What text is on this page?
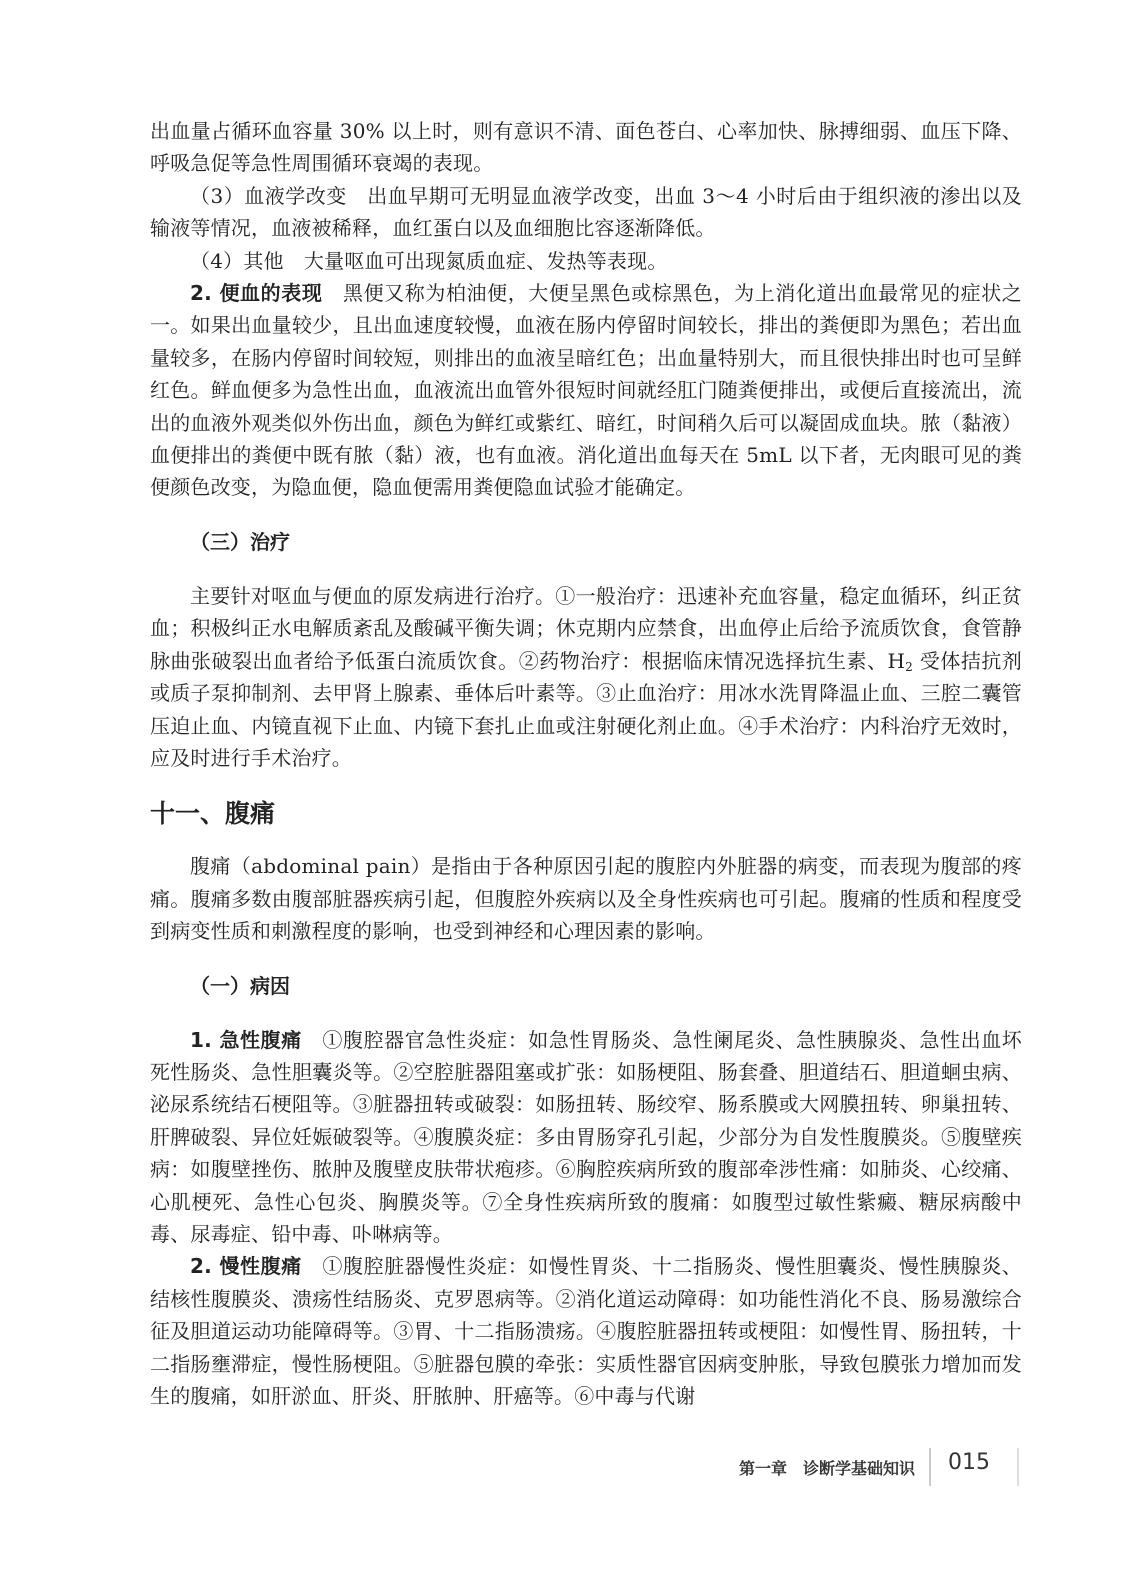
出血量占循环血容量 30% 以上时，则有意识不清、面色苍白、心率加快、脉搏细弱、血压下降、呼吸急促等急性周围循环衰竭的表现。

（3）血液学改变　出血早期可无明显血液学改变，出血 3～4 小时后由于组织液的渗出以及输液等情况，血液被稀释，血红蛋白以及血细胞比容逐渐降低。

（4）其他　大量呕血可出现氮质血症、发热等表现。

2. 便血的表现　黑便又称为柏油便，大便呈黑色或棕黑色，为上消化道出血最常见的症状之一。如果出血量较少，且出血速度较慢，血液在肠内停留时间较长，排出的粪便即为黑色；若出血量较多，在肠内停留时间较短，则排出的血液呈暗红色；出血量特别大，而且很快排出时也可呈鲜红色。鲜血便多为急性出血，血液流出血管外很短时间就经肛门随粪便排出，或便后直接流出，流出的血液外观类似外伤出血，颜色为鲜红或紫红、暗红，时间稍久后可以凝固成血块。脓（黏液）血便排出的粪便中既有脓（黏）液，也有血液。消化道出血每天在 5mL 以下者，无肉眼可见的粪便颜色改变，为隐血便，隐血便需用粪便隐血试验才能确定。

（三）治疗

主要针对呕血与便血的原发病进行治疗。①一般治疗：迅速补充血容量，稳定血循环，纠正贫血；积极纠正水电解质紊乱及酸碱平衡失调；休克期内应禁食，出血停止后给予流质饮食，食管静脉曲张破裂出血者给予低蛋白流质饮食。②药物治疗：根据临床情况选择抗生素、$H_2$ 受体拮抗剂或质子泵抑制剂、去甲肾上腺素、垂体后叶素等。③止血治疗：用冰水洗胃降温止血、三腔二囊管压迫止血、内镜直视下止血、内镜下套扎止血或注射硬化剂止血。④手术治疗：内科治疗无效时，应及时进行手术治疗。

十一、腹痛

腹痛（abdominal pain）是指由于各种原因引起的腹腔内外脏器的病变，而表现为腹部的疼痛。腹痛多数由腹部脏器疾病引起，但腹腔外疾病以及全身性疾病也可引起。腹痛的性质和程度受到病变性质和刺激程度的影响，也受到神经和心理因素的影响。

（一）病因

1. 急性腹痛　①腹腔器官急性炎症：如急性胃肠炎、急性阑尾炎、急性胰腺炎、急性出血坏死性肠炎、急性胆囊炎等。②空腔脏器阻塞或扩张：如肠梗阻、肠套叠、胆道结石、胆道蛔虫病、泌尿系统结石梗阻等。③脏器扭转或破裂：如肠扭转、肠绞窄、肠系膜或大网膜扭转、卵巢扭转、肝脾破裂、异位妊娠破裂等。④腹膜炎症：多由胃肠穿孔引起，少部分为自发性腹膜炎。⑤腹壁疾病：如腹壁挫伤、脓肿及腹壁皮肤带状疱疹。⑥胸腔疾病所致的腹部牵涉性痛：如肺炎、心绞痛、心肌梗死、急性心包炎、胸膜炎等。⑦全身性疾病所致的腹痛：如腹型过敏性紫癜、糖尿病酸中毒、尿毒症、铅中毒、卟啉病等。

2. 慢性腹痛　①腹腔脏器慢性炎症：如慢性胃炎、十二指肠炎、慢性胆囊炎、慢性胰腺炎、结核性腹膜炎、溃疡性结肠炎、克罗恩病等。②消化道运动障碍：如功能性消化不良、肠易激综合征及胆道运动功能障碍等。③胃、十二指肠溃疡。④腹腔脏器扭转或梗阻：如慢性胃、肠扭转，十二指肠壅滞症，慢性肠梗阻。⑤脏器包膜的牵张：实质性器官因病变肿胀，导致包膜张力增加而发生的腹痛，如肝淤血、肝炎、肝脓肿、肝癌等。⑥中毒与代谢

第一章　诊断学基础知识 015
